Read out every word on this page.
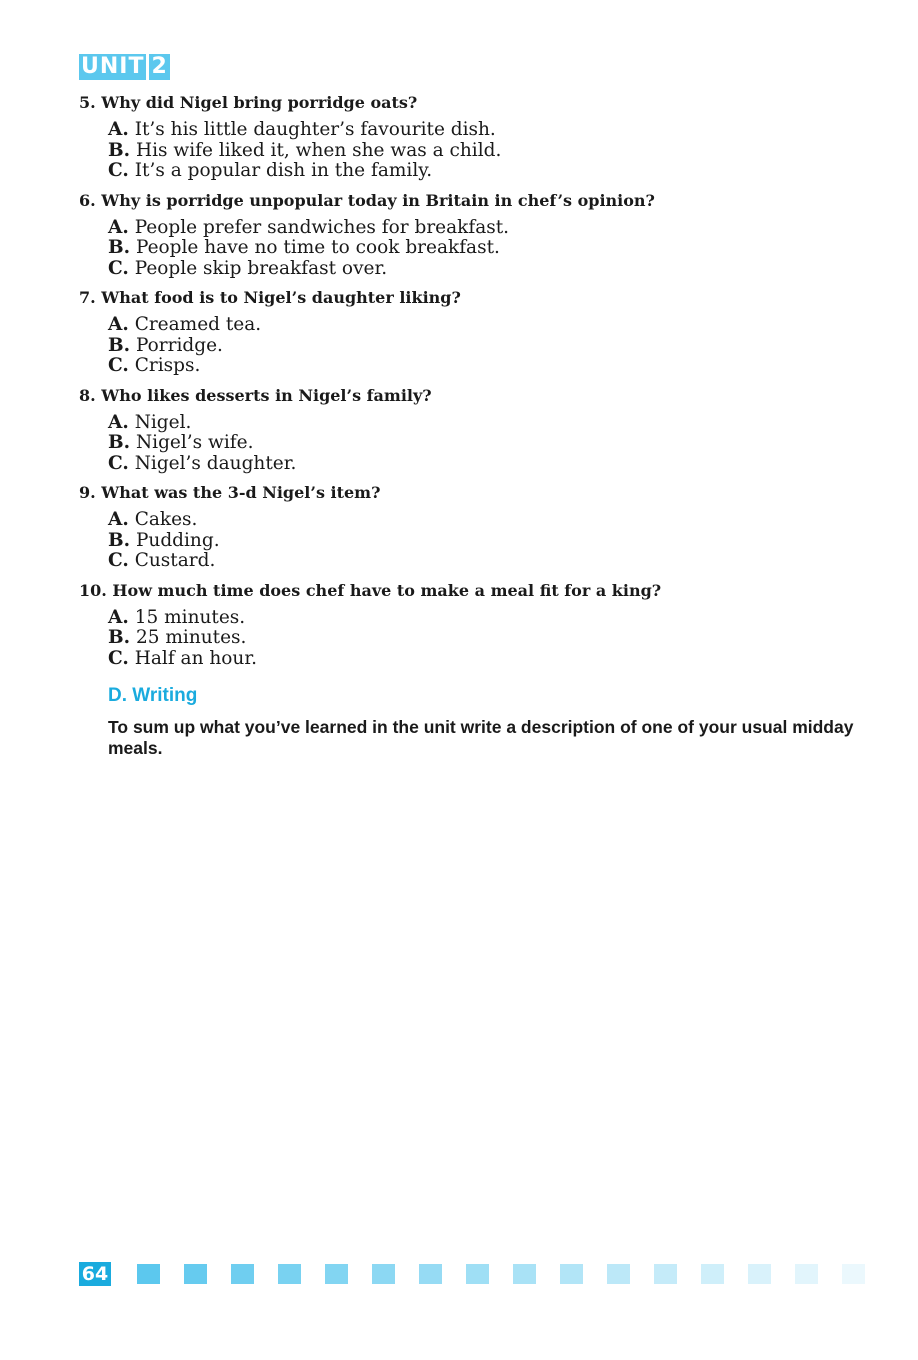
UNIT 2
5. Why did Nigel bring porridge oats?
A. It’s his little daughter’s favourite dish.
B. His wife liked it, when she was a child.
C. It’s a popular dish in the family.
6. Why is porridge unpopular today in Britain in chef’s opinion?
A. People prefer sandwiches for breakfast.
B. People have no time to cook breakfast.
C. People skip breakfast over.
7. What food is to Nigel’s daughter liking?
A. Creamed tea.
B. Porridge.
C. Crisps.
8. Who likes desserts in Nigel’s family?
A. Nigel.
B. Nigel’s wife.
C. Nigel’s daughter.
9. What was the 3-d Nigel’s item?
A. Cakes.
B. Pudding.
C. Custard.
10. How much time does chef have to make a meal fit for a king?
A. 15 minutes.
B. 25 minutes.
C. Half an hour.
D. Writing
To sum up what you’ve learned in the unit write a description of one of your usual midday meals.
64
